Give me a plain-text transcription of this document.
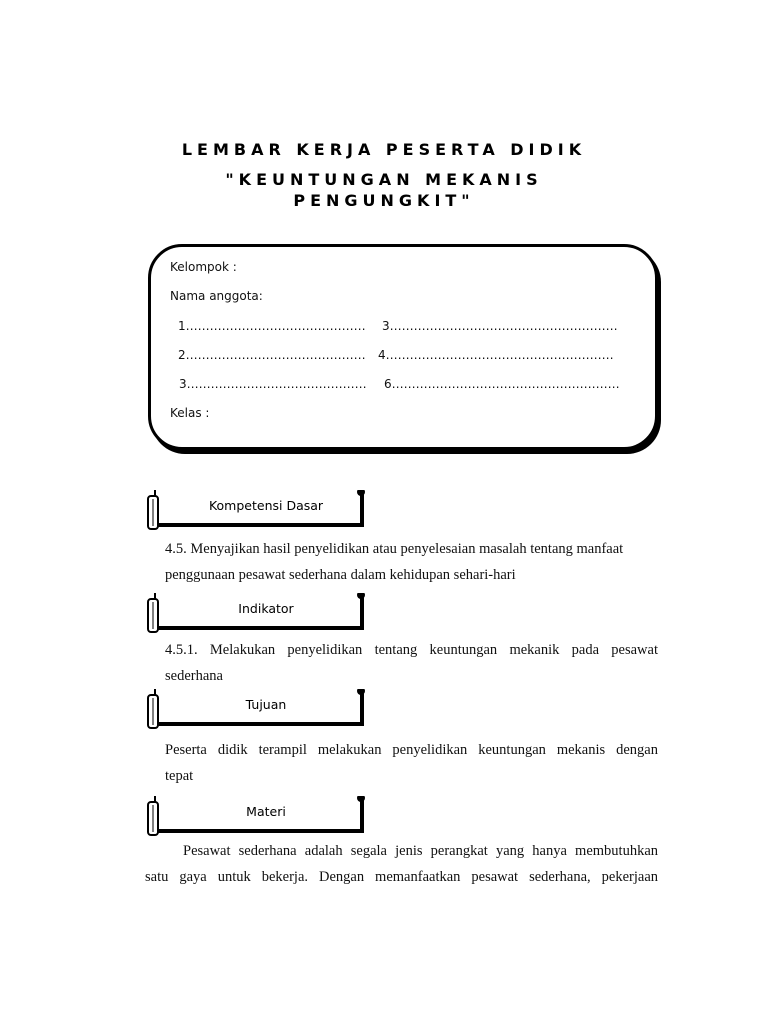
LEMBAR KERJA PESERTA DIDIK
"KEUNTUNGAN MEKANIS
PENGUNGKIT"
Kelompok :
Nama anggota:
1……………………………………… 3…………………………………………………
2……………………………………… 4…………………………………………………
3……………………………………… 6…………………………………………………
Kelas :
Kompetensi Dasar
4.5. Menyajikan hasil penyelidikan atau penyelesaian masalah tentang manfaat
penggunaan pesawat sederhana dalam kehidupan sehari-hari
Indikator
4.5.1. Melakukan penyelidikan tentang keuntungan mekanik pada pesawat
sederhana
Tujuan
Peserta didik terampil melakukan penyelidikan keuntungan mekanis dengan
tepat
Materi
Pesawat sederhana adalah segala jenis perangkat yang hanya membutuhkan
satu gaya untuk bekerja. Dengan memanfaatkan pesawat sederhana, pekerjaan
